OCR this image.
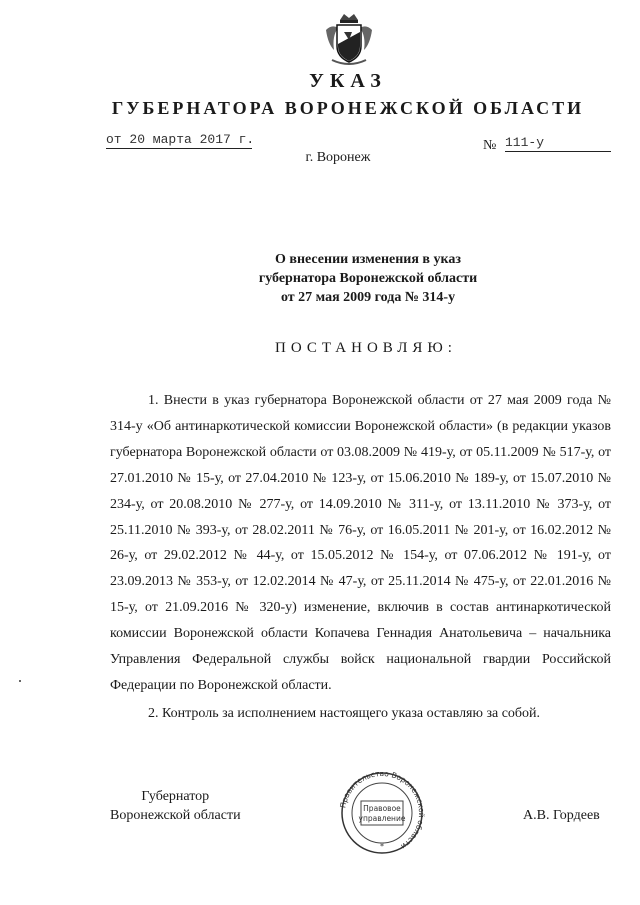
УКАЗ
ГУБЕРНАТОРА ВОРОНЕЖСКОЙ ОБЛАСТИ
от 20 марта 2017 г.	№ 111-у
г. Воронеж
О внесении изменения в указ
губернатора Воронежской области
от 27 мая 2009 года № 314-у
ПОСТАНОВЛЯЮ:

1. Внести в указ губернатора Воронежской области от 27 мая 2009 года № 314-у «Об антинаркотической комиссии Воронежской области» (в редакции указов губернатора Воронежской области от 03.08.2009 № 419-у, от 05.11.2009 № 517-у, от 27.01.2010 № 15-у, от 27.04.2010 № 123-у, от 15.06.2010 № 189-у, от 15.07.2010 № 234-у, от 20.08.2010 № 277-у, от 14.09.2010 № 311-у, от 13.11.2010 № 373-у, от 25.11.2010 № 393-у, от 28.02.2011 № 76-у, от 16.05.2011 № 201-у, от 16.02.2012 № 26-у, от 29.02.2012 № 44-у, от 15.05.2012 № 154-у, от 07.06.2012 № 191-у, от 23.09.2013 № 353-у, от 12.02.2014 № 47-у, от 25.11.2014 № 475-у, от 22.01.2016 № 15-у, от 21.09.2016 № 320-у) изменение, включив в состав антинаркотической комиссии Воронежской области Копачева Геннадия Анатольевича – начальника Управления Федеральной службы войск национальной гвардии Российской Федерации по Воронежской области.

2. Контроль за исполнением настоящего указа оставляю за собой.

Губернатор
Воронежской области
Правительство Воронежской области
Правовое
управление
*
А.В. Гордеев
